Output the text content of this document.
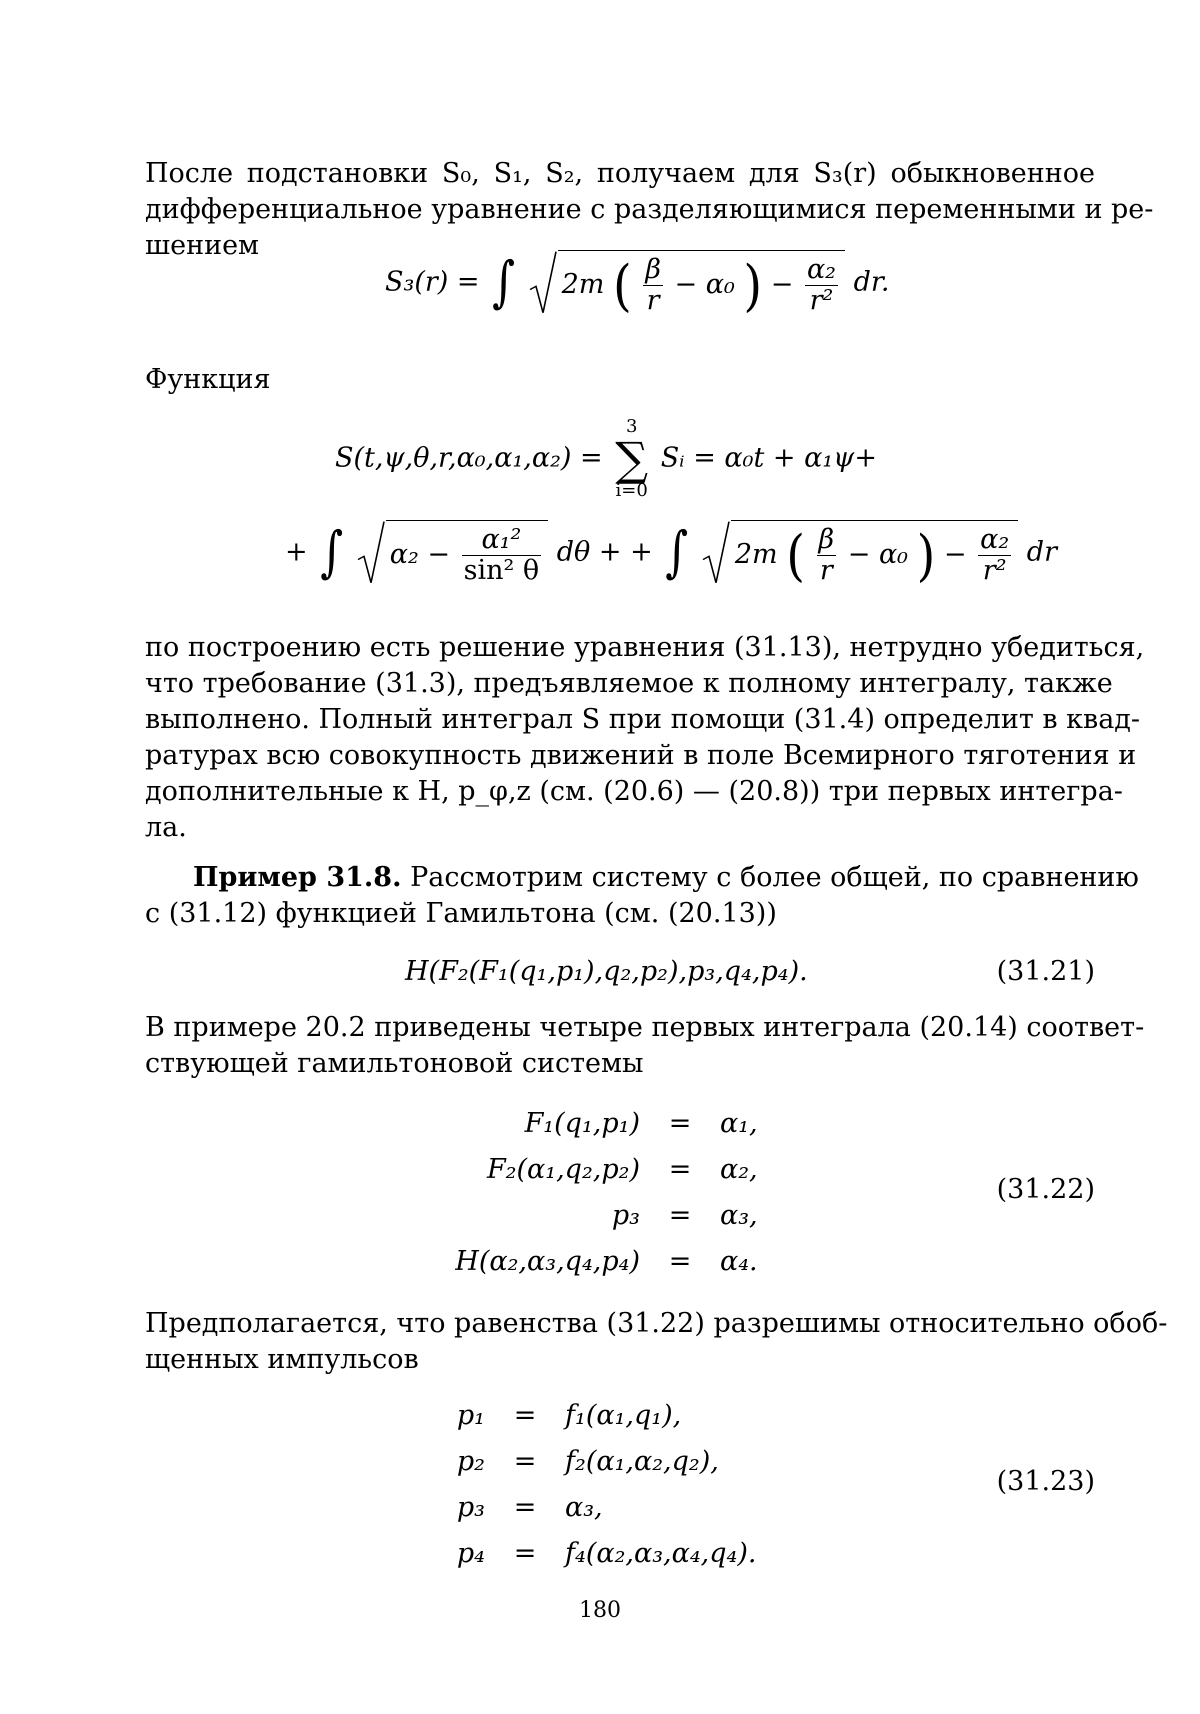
После подстановки S₀, S₁, S₂, получаем для S₃(r) обыкновенное
дифференциальное уравнение с разделяющимися переменными и ре-
шением
S₃(r) = ∫ 2m ( $\frac{\beta}{r} - \alpha_0$ ) − $\frac{\text{α₂}}{\text{r²}}$ dr.
Функция
S(t,ψ,θ,r,α₀,α₁,α₂) =
3
∑
i=0
Sᵢ = α₀t + α₁ψ+
+ ∫ $\alpha_2 - \frac{\text{α₁²}}{\text{sin² θ}}$ dθ + + ∫ 2m ( $\frac{\beta}{r} - \alpha_0$ ) − $\frac{\text{α₂}}{\text{r²}}$ dr
по построению есть решение уравнения (31.13), нетрудно убедиться,
что требование (31.3), предъявляемое к полному интегралу, также
выполнено. Полный интеграл S при помощи (31.4) определит в квад-
ратурах всю совокупность движений в поле Всемирного тяготения и
дополнительные к H, p_φ,z (см. (20.6) — (20.8)) три первых интегра-
ла.
Пример 31.8. Рассмотрим систему с более общей, по сравнению
с (31.12) функцией Гамильтона (см. (20.13))
H(F₂(F₁(q₁,p₁),q₂,p₂),p₃,q₄,p₄).	(31.21)
В примере 20.2 приведены четыре первых интеграла (20.14) соответ-
ствующей гамильтоновой системы
F₁(q₁,p₁)	=	α₁,
F₂(α₁,q₂,p₂)	=	α₂,
p₃	=	α₃,
H(α₂,α₃,q₄,p₄)	=	α₄.
(31.22)
Предполагается, что равенства (31.22) разрешимы относительно обоб-
щенных импульсов
p₁	=	f₁(α₁,q₁),
p₂	=	f₂(α₁,α₂,q₂),
p₃	=	α₃,
p₄	=	f₄(α₂,α₃,α₄,q₄).
(31.23)
180
